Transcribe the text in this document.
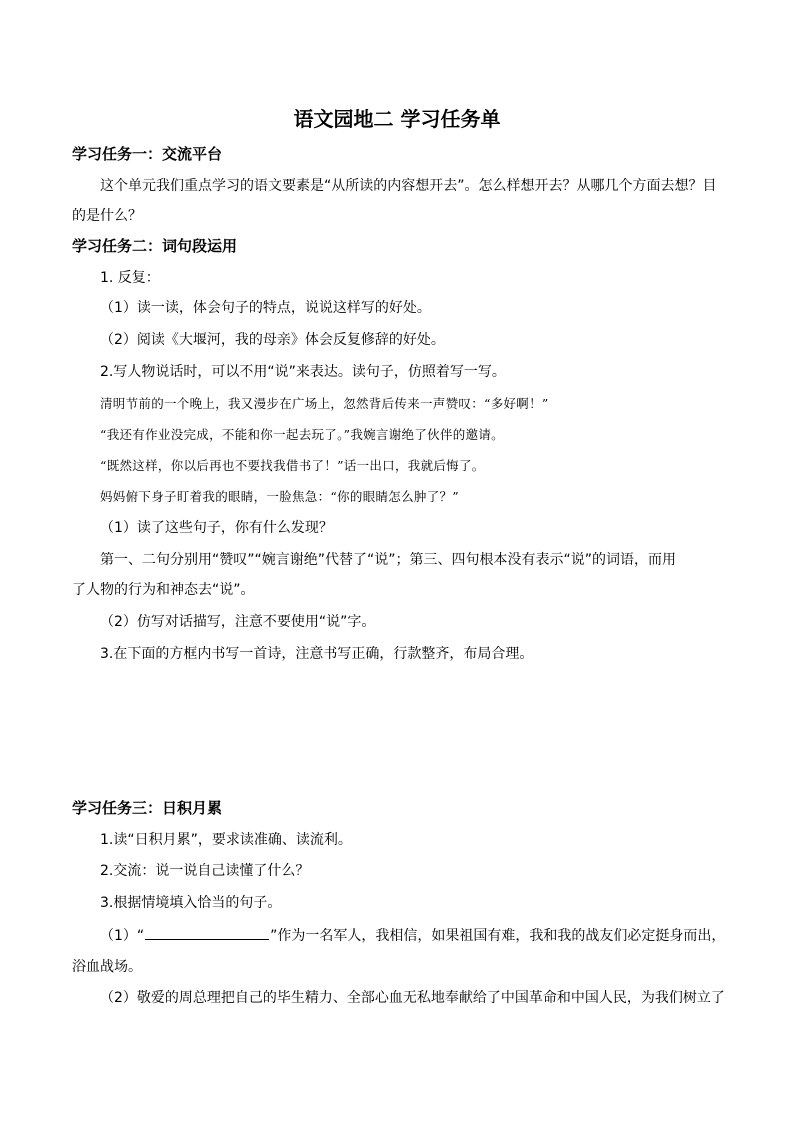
语文园地二 学习任务单
学习任务一：交流平台
这个单元我们重点学习的语文要素是“从所读的内容想开去”。怎么样想开去？从哪几个方面去想？目
的是什么？
学习任务二：词句段运用
1. 反复：
（1）读一读，体会句子的特点，说说这样写的好处。
（2）阅读《大堰河，我的母亲》体会反复修辞的好处。
2.写人物说话时，可以不用“说”来表达。读句子，仿照着写一写。
清明节前的一个晚上，我又漫步在广场上，忽然背后传来一声赞叹：“多好啊！”
“我还有作业没完成，不能和你一起去玩了。”我婉言谢绝了伙伴的邀请。
“既然这样，你以后再也不要找我借书了！”话一出口，我就后悔了。
妈妈俯下身子盯着我的眼睛，一脸焦急：“你的眼睛怎么肿了？”
（1）读了这些句子，你有什么发现？
第一、二句分别用“赞叹”“婉言谢绝”代替了“说”；第三、四句根本没有表示“说”的词语，而用
了人物的行为和神态去“说”。
（2）仿写对话描写，注意不要使用“说”字。
3.在下面的方框内书写一首诗，注意书写正确，行款整齐，布局合理。
学习任务三：日积月累
1.读“日积月累”，要求读准确、读流利。
2.交流：说一说自己读懂了什么？
3.根据情境填入恰当的句子。
（1）“	”作为一名军人，我相信，如果祖国有难，我和我的战友们必定挺身而出，
浴血战场。
（2）敬爱的周总理把自己的毕生精力、全部心血无私地奉献给了中国革命和中国人民，为我们树立了
